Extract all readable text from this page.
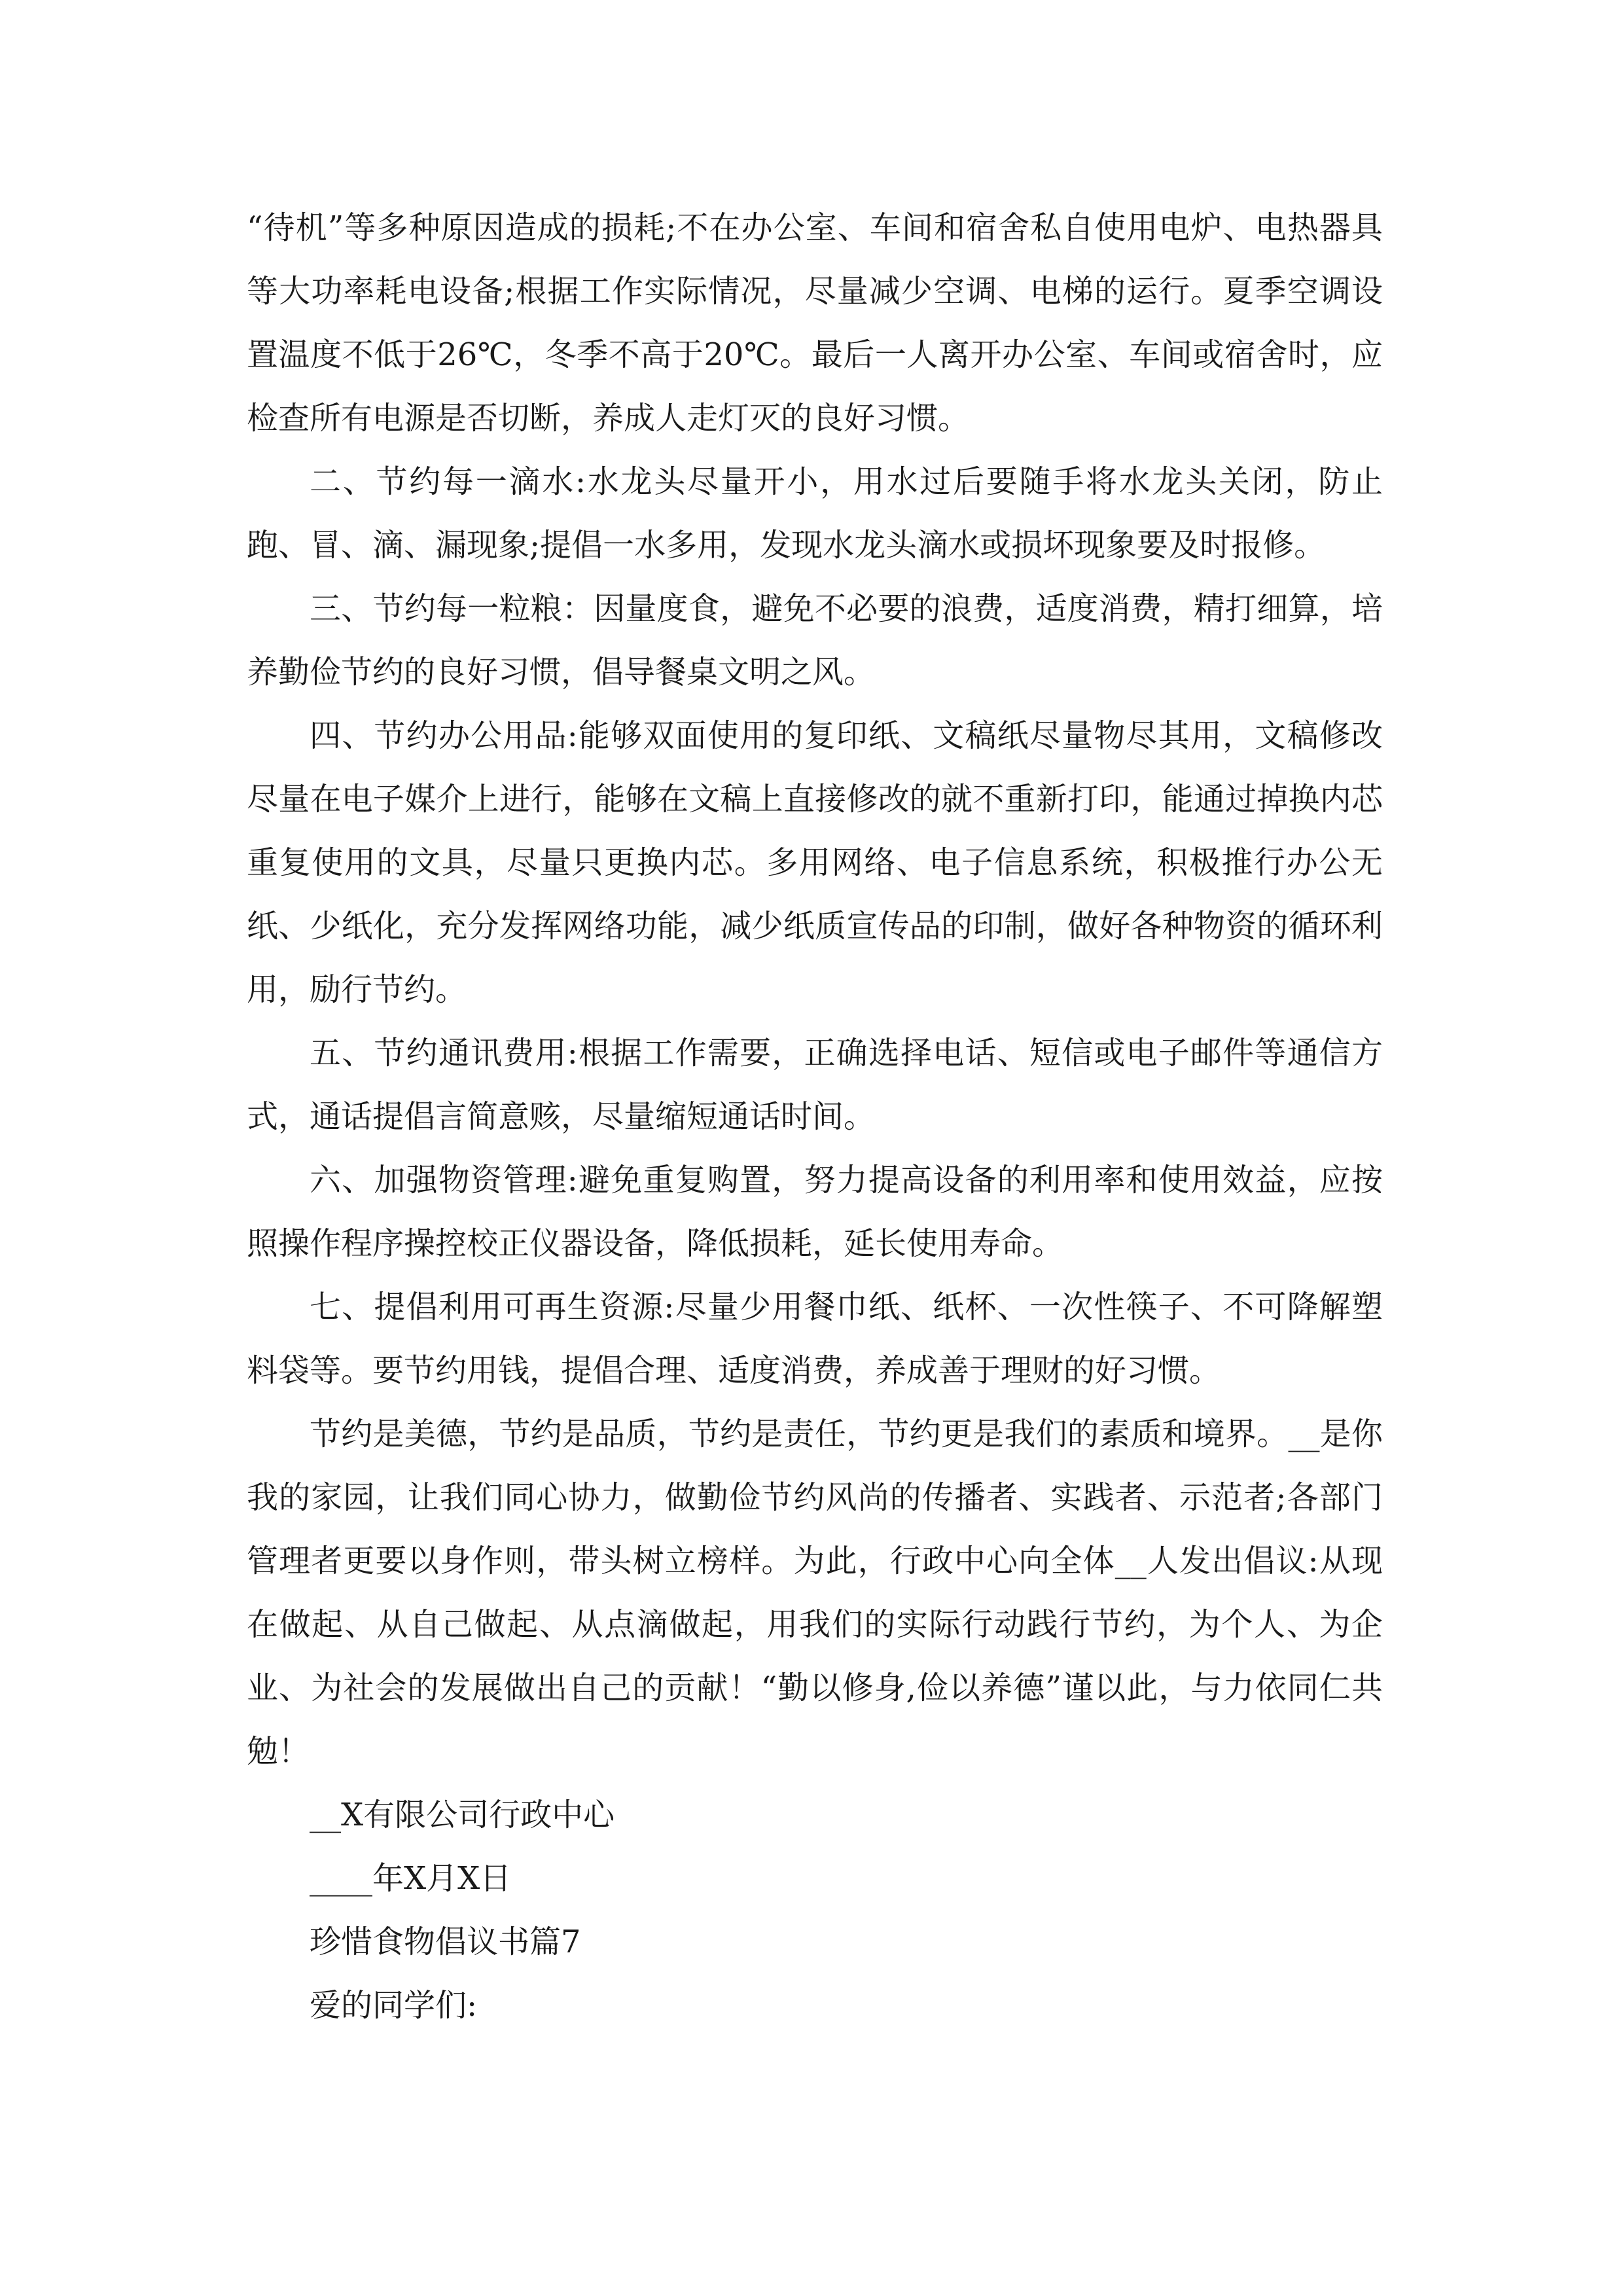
“待机”等多种原因造成的损耗;不在办公室、车间和宿舍私自使用电炉、电热器具等大功率耗电设备;根据工作实际情况，尽量减少空调、电梯的运行。夏季空调设置温度不低于26℃，冬季不高于20℃。最后一人离开办公室、车间或宿舍时，应检查所有电源是否切断，养成人走灯灭的良好习惯。

二、节约每一滴水:水龙头尽量开小，用水过后要随手将水龙头关闭，防止跑、冒、滴、漏现象;提倡一水多用，发现水龙头滴水或损坏现象要及时报修。

三、节约每一粒粮：因量度食，避免不必要的浪费，适度消费，精打细算，培养勤俭节约的良好习惯，倡导餐桌文明之风。

四、节约办公用品:能够双面使用的复印纸、文稿纸尽量物尽其用，文稿修改尽量在电子媒介上进行，能够在文稿上直接修改的就不重新打印，能通过掉换内芯重复使用的文具，尽量只更换内芯。多用网络、电子信息系统，积极推行办公无纸、少纸化，充分发挥网络功能，减少纸质宣传品的印制，做好各种物资的循环利用，励行节约。

五、节约通讯费用:根据工作需要，正确选择电话、短信或电子邮件等通信方式，通话提倡言简意赅，尽量缩短通话时间。

六、加强物资管理:避免重复购置，努力提高设备的利用率和使用效益，应按照操作程序操控校正仪器设备，降低损耗，延长使用寿命。

七、提倡利用可再生资源:尽量少用餐巾纸、纸杯、一次性筷子、不可降解塑料袋等。要节约用钱，提倡合理、适度消费，养成善于理财的好习惯。

节约是美德，节约是品质，节约是责任，节约更是我们的素质和境界。__是你我的家园，让我们同心协力，做勤俭节约风尚的传播者、实践者、示范者;各部门管理者更要以身作则，带头树立榜样。为此，行政中心向全体__人发出倡议:从现在做起、从自己做起、从点滴做起，用我们的实际行动践行节约，为个人、为企业、为社会的发展做出自己的贡献！“勤以修身,俭以养德”谨以此，与力依同仁共勉！

__X有限公司行政中心

____年X月X日

珍惜食物倡议书篇7

爱的同学们:
